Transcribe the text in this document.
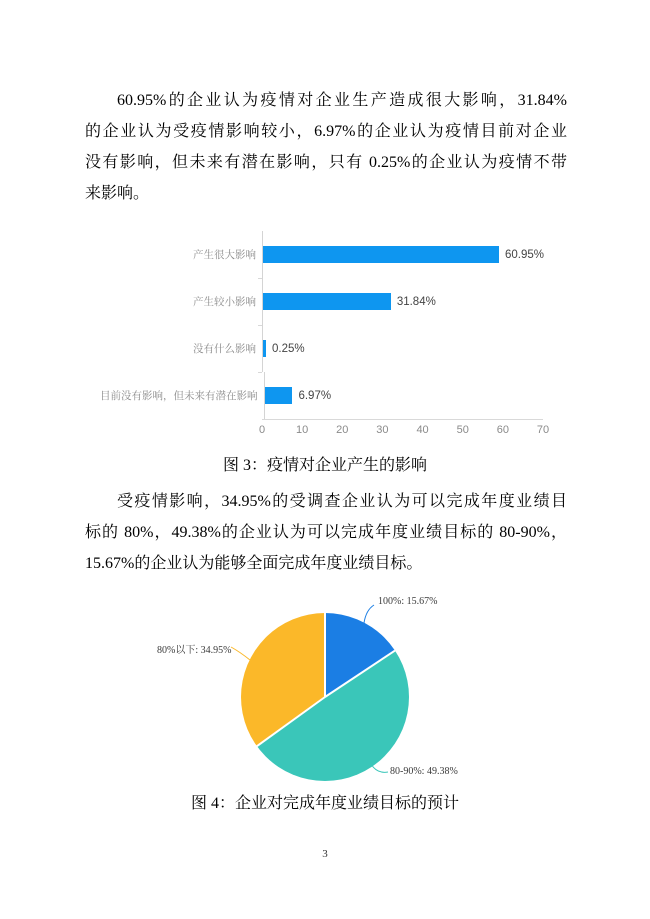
60.95%的企业认为疫情对企业生产造成很大影响，31.84%
的企业认为受疫情影响较小，6.97%的企业认为疫情目前对企业
没有影响，但未来有潜在影响，只有 0.25%的企业认为疫情不带
来影响。
产生很大影响	60.95%
产生较小影响	31.84%
没有什么影响	0.25%
目前没有影响，但未来有潜在影响	6.97%
0	10	20	30	40	50	60	70
图 3：疫情对企业产生的影响
受疫情影响，34.95%的受调查企业认为可以完成年度业绩目
标的 80%，49.38%的企业认为可以完成年度业绩目标的 80-90%，
15.67%的企业认为能够全面完成年度业绩目标。
100%: 15.67%
80%以下: 34.95%
80-90%: 49.38%
图 4：企业对完成年度业绩目标的预计
3
